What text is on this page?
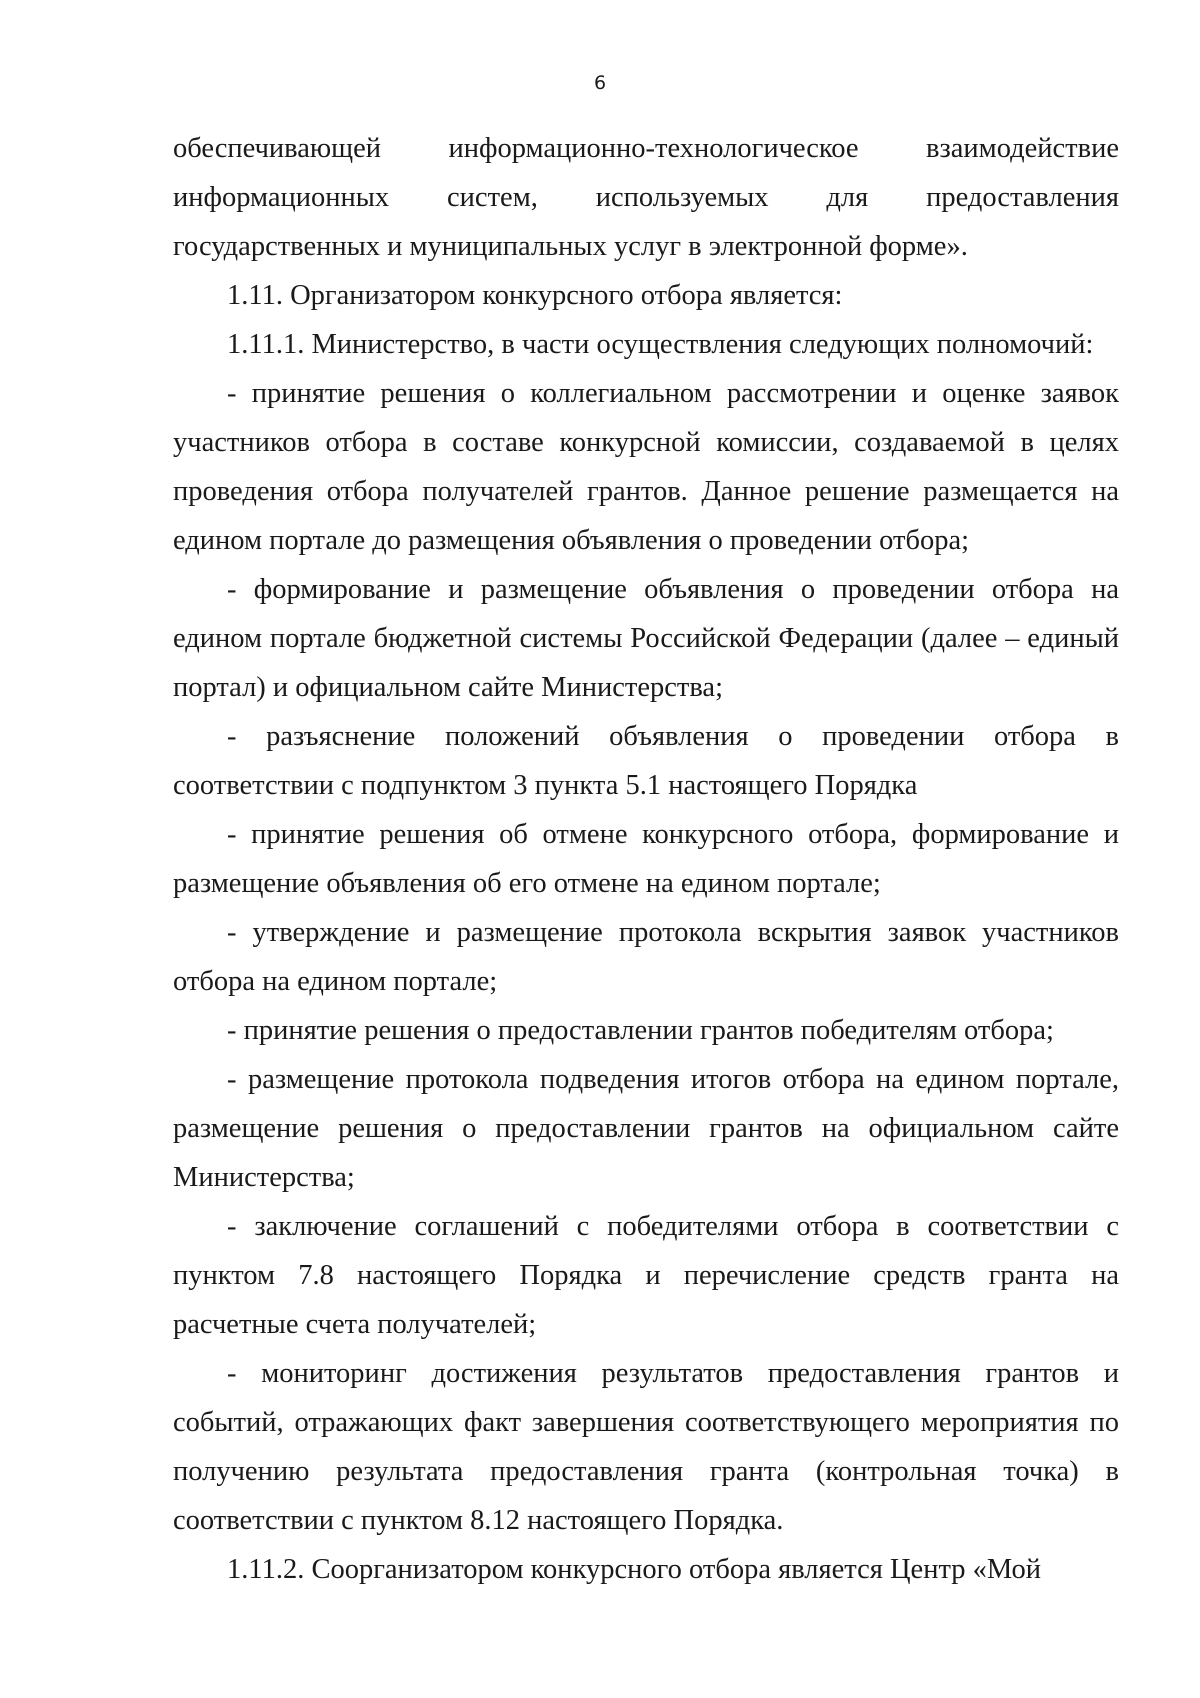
6

обеспечивающей информационно-технологическое взаимодействие информационных систем, используемых для предоставления государственных и муниципальных услуг в электронной форме».

1.11. Организатором конкурсного отбора является:

1.11.1. Министерство, в части осуществления следующих полномочий:

- принятие решения о коллегиальном рассмотрении и оценке заявок участников отбора в составе конкурсной комиссии, создаваемой в целях проведения отбора получателей грантов. Данное решение размещается на едином портале до размещения объявления о проведении отбора;

- формирование и размещение объявления о проведении отбора на едином портале бюджетной системы Российской Федерации (далее – единый портал) и официальном сайте Министерства;

- разъяснение положений объявления о проведении отбора в соответствии с подпунктом 3 пункта 5.1 настоящего Порядка

- принятие решения об отмене конкурсного отбора, формирование и размещение объявления об его отмене на едином портале;

- утверждение и размещение протокола вскрытия заявок участников отбора на едином портале;

- принятие решения о предоставлении грантов победителям отбора;

- размещение протокола подведения итогов отбора на едином портале, размещение решения о предоставлении грантов на официальном сайте Министерства;

- заключение соглашений с победителями отбора в соответствии с пунктом 7.8 настоящего Порядка и перечисление средств гранта на расчетные счета получателей;

- мониторинг достижения результатов предоставления грантов и событий, отражающих факт завершения соответствующего мероприятия по получению результата предоставления гранта (контрольная точка) в соответствии с пунктом 8.12 настоящего Порядка.

1.11.2. Соорганизатором конкурсного отбора является Центр «Мой
